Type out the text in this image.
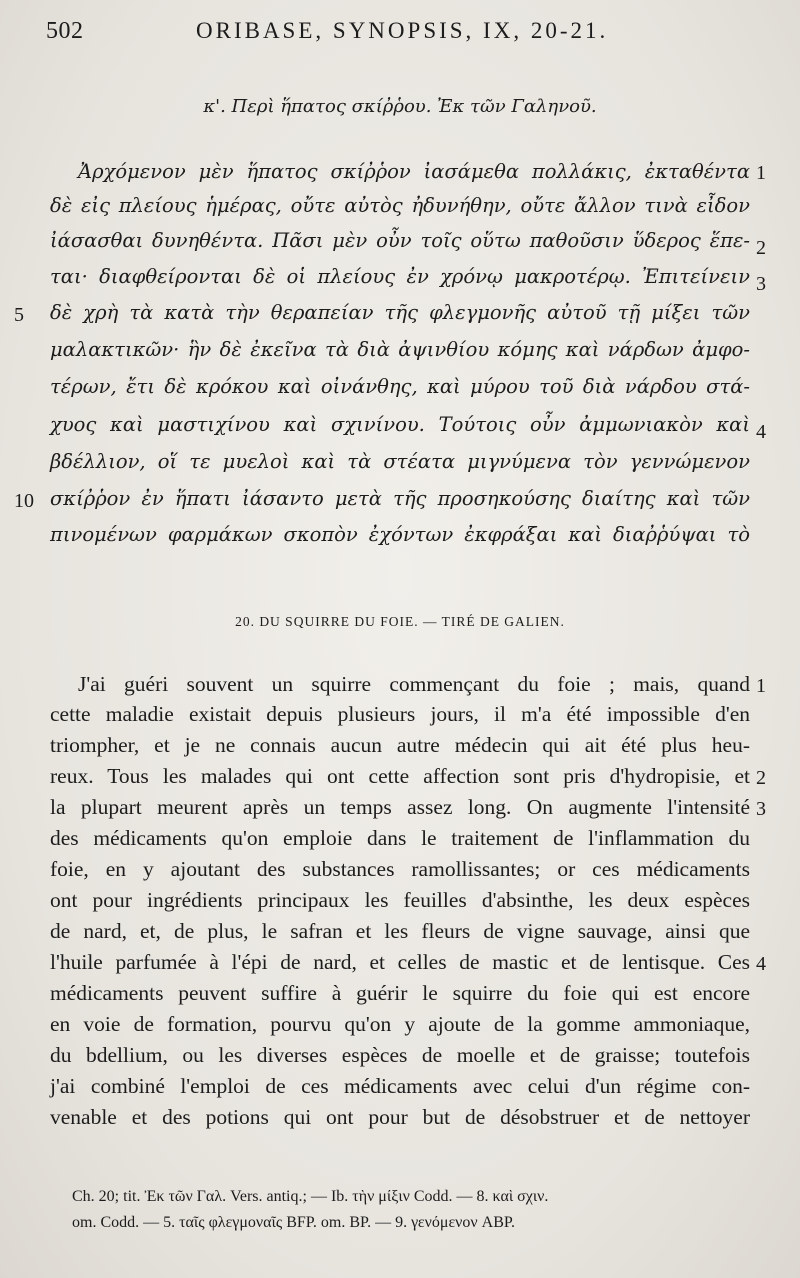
502	ORIBASE, SYNOPSIS, IX, 20-21.
κ'. Περὶ ἥπατος σκίῤῥου. Ἐκ τῶν Γαληνοῦ.
Ἀρχόμενον μὲν ἥπατος σκίῤῥον ἰασάμεθα πολλάκις, ἐκταθέντα
δὲ εἰς πλείους ἡμέρας, οὔτε αὐτὸς ἠδυνήθην, οὔτε ἄλλον τινὰ εἶδον
ἰάσασθαι δυνηθέντα. Πᾶσι μὲν οὖν τοῖς οὕτω παθοῦσιν ὕδερος ἕπε-
ται· διαφθείρονται δὲ οἱ πλείους ἐν χρόνῳ μακροτέρῳ. Ἐπιτείνειν
δὲ χρὴ τὰ κατὰ τὴν θεραπείαν τῆς φλεγμονῆς αὐτοῦ τῇ μίξει τῶν
μαλακτικῶν· ἣν δὲ ἐκεῖνα τὰ διὰ ἀψινθίου κόμης καὶ νάρδων ἀμφο-
τέρων, ἔτι δὲ κρόκου καὶ οἰνάνθης, καὶ μύρου τοῦ διὰ νάρδου στά-
χυος καὶ μαστιχίνου καὶ σχινίνου. Τούτοις οὖν ἀμμωνιακὸν καὶ
βδέλλιον, οἵ τε μυελοὶ καὶ τὰ στέατα μιγνύμενα τὸν γεννώμενον
σκίῤῥον ἐν ἥπατι ἰάσαντο μετὰ τῆς προσηκούσης διαίτης καὶ τῶν
πινομένων φαρμάκων σκοπὸν ἐχόντων ἐκφράξαι καὶ διαῤῥύψαι τὸ
1
2
3
4
5
10
20. DU SQUIRRE DU FOIE. — TIRÉ DE GALIEN.
J'ai guéri souvent un squirre commençant du foie ; mais, quand
cette maladie existait depuis plusieurs jours, il m'a été impossible d'en
triompher, et je ne connais aucun autre médecin qui ait été plus heu-
reux. Tous les malades qui ont cette affection sont pris d'hydropisie, et
la plupart meurent après un temps assez long. On augmente l'intensité
des médicaments qu'on emploie dans le traitement de l'inflammation du
foie, en y ajoutant des substances ramollissantes; or ces médicaments
ont pour ingrédients principaux les feuilles d'absinthe, les deux espèces
de nard, et, de plus, le safran et les fleurs de vigne sauvage, ainsi que
l'huile parfumée à l'épi de nard, et celles de mastic et de lentisque. Ces
médicaments peuvent suffire à guérir le squirre du foie qui est encore
en voie de formation, pourvu qu'on y ajoute de la gomme ammoniaque,
du bdellium, ou les diverses espèces de moelle et de graisse; toutefois
j'ai combiné l'emploi de ces médicaments avec celui d'un régime con-
venable et des potions qui ont pour but de désobstruer et de nettoyer
1
2
3
4
Ch. 20; tit. Ἐκ τῶν Γαλ. Vers. antiq.; — Ib. τὴν μίξιν Codd. — 8. καὶ σχιν.
om. Codd. — 5. ταῖς φλεγμοναῖς BFP. om. BP. — 9. γενόμενον ABP.
